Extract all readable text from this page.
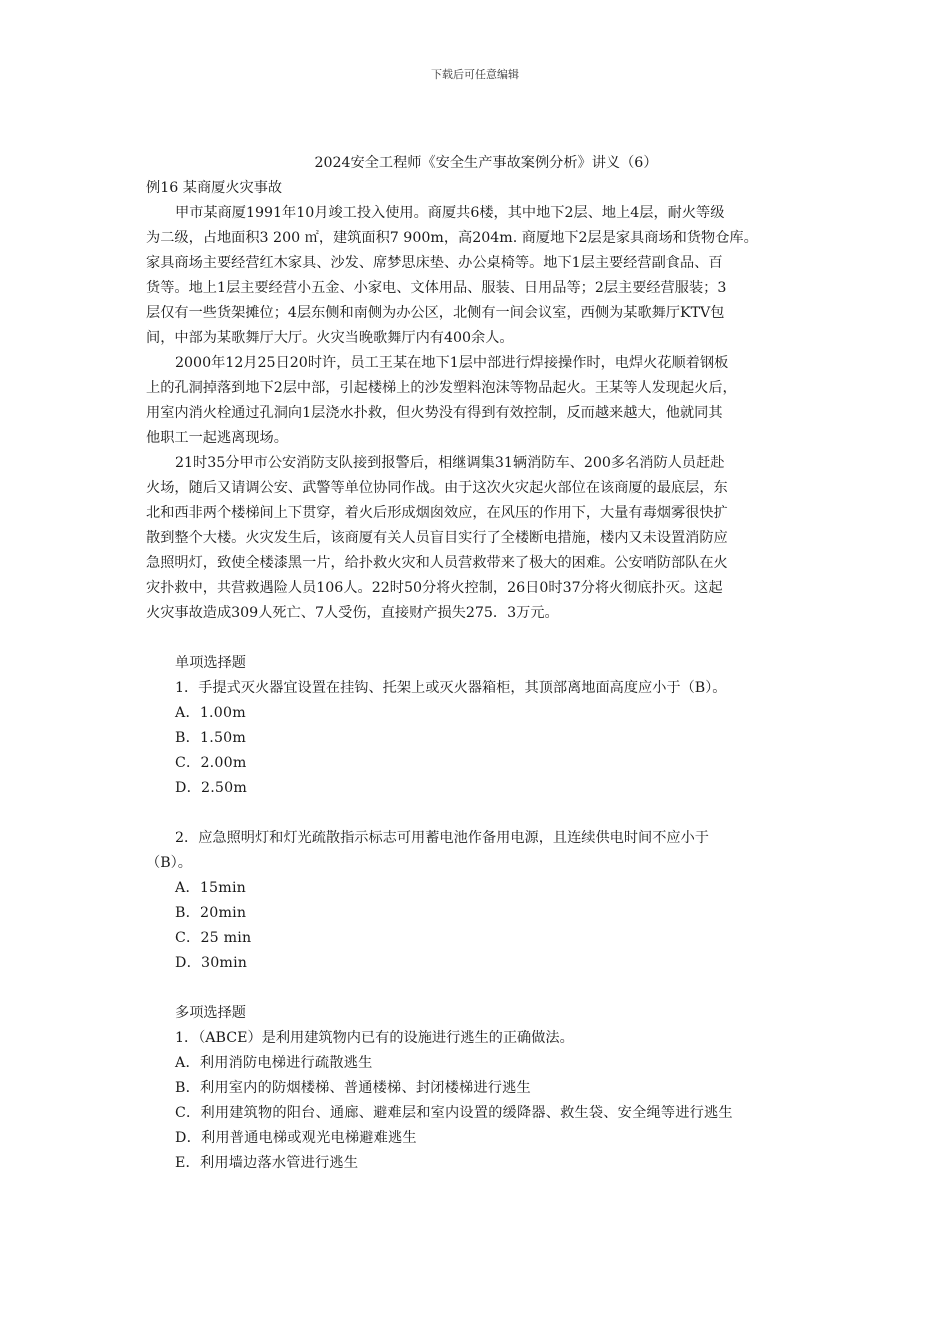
下载后可任意编辑

2024安全工程师《安全生产事故案例分析》讲义（6）

例16 某商厦火灾事故

甲市某商厦1991年10月竣工投入使用。商厦共6楼，其中地下2层、地上4层，耐火等级

为二级，占地面积3 200 ㎡，建筑面积7 900m，高204m. 商厦地下2层是家具商场和货物仓库。

家具商场主要经营红木家具、沙发、席梦思床垫、办公桌椅等。地下1层主要经营副食品、百

货等。地上1层主要经营小五金、小家电、文体用品、服装、日用品等；2层主要经营服装；3

层仅有一些货架摊位；4层东侧和南侧为办公区，北侧有一间会议室，西侧为某歌舞厅KTV包

间，中部为某歌舞厅大厅。火灾当晚歌舞厅内有400余人。

2000年12月25日20时许，员工王某在地下1层中部进行焊接操作时，电焊火花顺着钢板

上的孔洞掉落到地下2层中部，引起楼梯上的沙发塑料泡沫等物品起火。王某等人发现起火后，

用室内消火栓通过孔洞向1层浇水扑救，但火势没有得到有效控制，反而越来越大，他就同其

他职工一起逃离现场。

21时35分甲市公安消防支队接到报警后，相继调集31辆消防车、200多名消防人员赶赴

火场，随后又请调公安、武警等单位协同作战。由于这次火灾起火部位在该商厦的最底层，东

北和西非两个楼梯间上下贯穿，着火后形成烟囱效应，在风压的作用下，大量有毒烟雾很快扩

散到整个大楼。火灾发生后，该商厦有关人员盲目实行了全楼断电措施，楼内又未设置消防应

急照明灯，致使全楼漆黑一片，给扑救火灾和人员营救带来了极大的困难。公安哨防部队在火

灾扑救中，共营救遇险人员106人。22时50分将火控制，26日0时37分将火彻底扑灭。这起

火灾事故造成309人死亡、7人受伤，直接财产损失275．3万元。

单项选择题

1．手提式灭火器宜设置在挂钩、托架上或灭火器箱柜，其顶部离地面高度应小于（B）。

A．1.00m

B．1.50m

C．2.00m

D．2.50m

2．应急照明灯和灯光疏散指示标志可用蓄电池作备用电源，且连续供电时间不应小于

（B）。

A．15min

B．20min

C．25 min

D．30min

多项选择题

1．（ABCE）是利用建筑物内已有的设施进行逃生的正确做法。

A．利用消防电梯进行疏散逃生

B．利用室内的防烟楼梯、普通楼梯、封闭楼梯进行逃生

C．利用建筑物的阳台、通廊、避难层和室内设置的缓降器、救生袋、安全绳等进行逃生

D．利用普通电梯或观光电梯避难逃生

E．利用墙边落水管进行逃生
